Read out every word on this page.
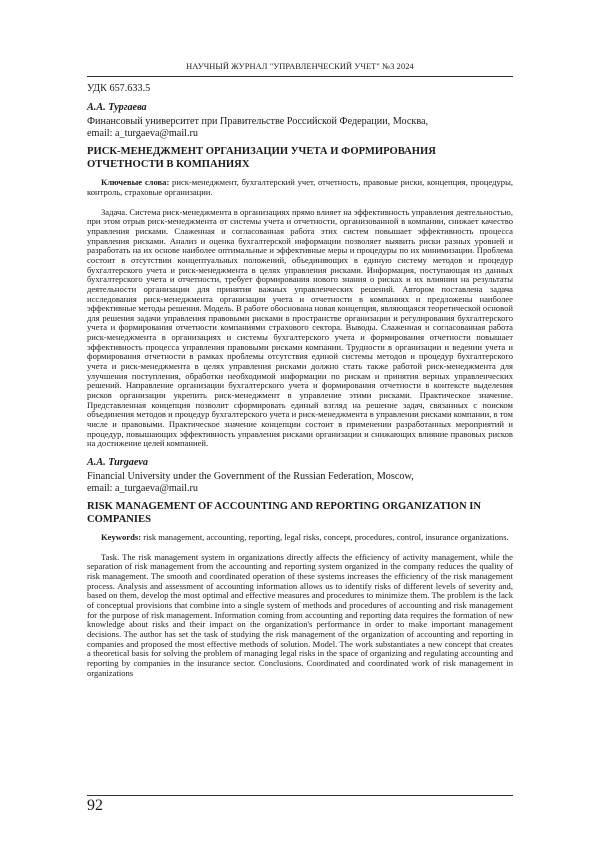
НАУЧНЫЙ ЖУРНАЛ "УПРАВЛЕНЧЕСКИЙ УЧЕТ" №3 2024

УДК 657.633.5

А.А. Тургаева

Финансовый университет при Правительстве Российской Федерации, Москва,

email: a_turgaeva@mail.ru

РИСК-МЕНЕДЖМЕНТ ОРГАНИЗАЦИИ УЧЕТА И ФОРМИРОВАНИЯ ОТЧЕТНОСТИ В КОМПАНИЯХ

Ключевые слова: риск-менеджмент, бухгалтерский учет, отчетность, правовые риски, концепция, процедуры, контроль, страховые организации.

Задача. Система риск-менеджмента в организациях прямо влияет на эффективность управления деятельностью, при этом отрыв риск-менеджмента от системы учета и отчетности, организованной в компании, снижает качество управления рисками. Слаженная и согласованная работа этих систем повышает эффективность процесса управления рисками. Анализ и оценка бухгалтерской информации позволяет выявить риски разных уровней и разработать на их основе наиболее оптимальные и эффективные меры и процедуры по их минимизации. Проблема состоит в отсутствии концептуальных положений, объединяющих в единую систему методов и процедур бухгалтерского учета и риск-менеджмента в целях управления рисками. Информация, поступающая из данных бухгалтерского учета и отчетности, требует формирования нового знания о рисках и их влиянии на результаты деятельности организации для принятия важных управленческих решений. Автором поставлена задача исследования риск-менеджмента организации учета и отчетности в компаниях и предложены наиболее эффективные методы решения. Модель. В работе обоснована новая концепция, являющаяся теоретической основой для решения задачи управления правовыми рисками в пространстве организации и регулирования бухгалтерского учета и формирования отчетности компаниями страхового сектора. Выводы. Слаженная и согласованная работа риск-менеджмента в организациях и системы бухгалтерского учета и формирования отчетности повышает эффективность процесса управления правовыми рисками компании. Трудности в организации и ведении учета и формирования отчетности в рамках проблемы отсутствия единой системы методов и процедур бухгалтерского учета и риск-менеджмента в целях управления рисками должно стать также работой риск-менеджмента для улучшения поступления, обработки необходимой информации по рискам и принятия верных управленческих решений. Направление организации бухгалтерского учета и формирования отчетности в контексте выделения рисков организации укрепить риск-менеджмент в управление этими рисками. Практическое значение. Представленная концепция позволит сформировать единый взгляд на решение задач, связанных с поиском объединения методов и процедур бухгалтерского учета и риск-менеджмента в управлении рисками компании, в том числе и правовыми. Практическое значение концепции состоит в применении разработанных мероприятий и процедур, повышающих эффективность управления рисками организации и снижающих влияние правовых рисков на достижение целей компанией.

A.A. Turgaeva

Financial University under the Government of the Russian Federation, Moscow,

email: a_turgaeva@mail.ru

RISK MANAGEMENT OF ACCOUNTING AND REPORTING ORGANIZATION IN COMPANIES

Keywords: risk management, accounting, reporting, legal risks, concept, procedures, control, insurance organizations.

Task. The risk management system in organizations directly affects the efficiency of activity management, while the separation of risk management from the accounting and reporting system organized in the company reduces the quality of risk management. The smooth and coordinated operation of these systems increases the efficiency of the risk management process. Analysis and assessment of accounting information allows us to identify risks of different levels of severity and, based on them, develop the most optimal and effective measures and procedures to minimize them. The problem is the lack of conceptual provisions that combine into a single system of methods and procedures of accounting and risk management for the purpose of risk management. Information coming from accounting and reporting data requires the formation of new knowledge about risks and their impact on the organization's performance in order to make important management decisions. The author has set the task of studying the risk management of the organization of accounting and reporting in companies and proposed the most effective methods of solution. Model. The work substantiates a new concept that creates a theoretical basis for solving the problem of managing legal risks in the space of organizing and regulating accounting and reporting by companies in the insurance sector. Conclusions. Coordinated and coordinated work of risk management in organizations

92
